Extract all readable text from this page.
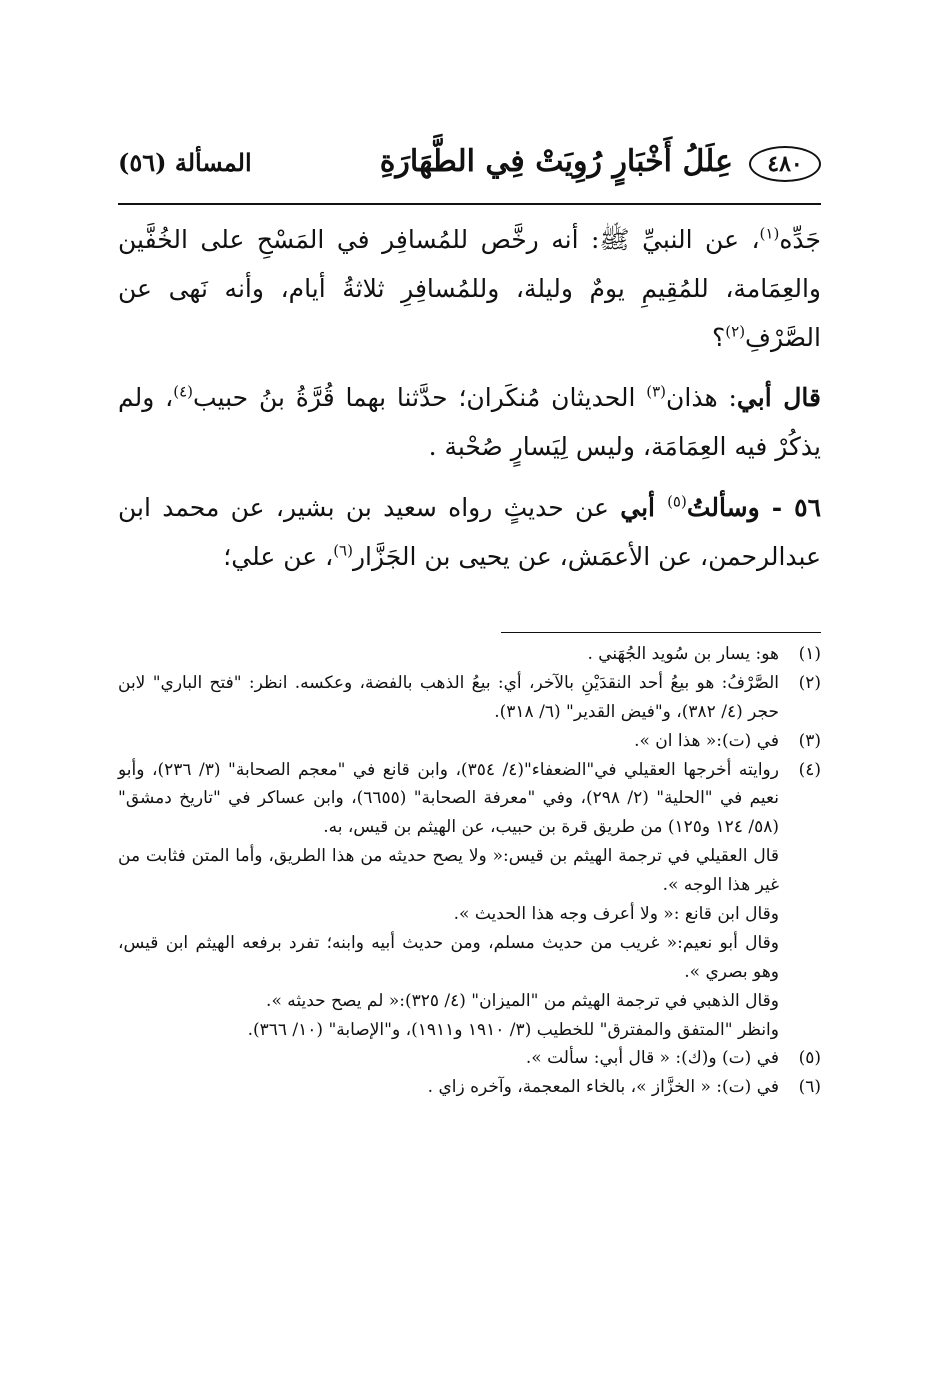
٤٨٠
عِلَلُ أَخْبَارٍ رُوِيَتْ فِي الطَّهَارَةِ
المسألة (٥٦)

جَدِّه$^{(١)}$، عن النبيِّ ﷺ: أنه رخَّص للمُسافِر في المَسْحِ على الخُفَّين والعِمَامة، للمُقِيمِ يومٌ وليلة، وللمُسافِرِ ثلاثةُ أيام، وأنه نَهى عن الصَّرْفِ$^{(٢)}$؟

قال أبي: هذان$^{(٣)}$ الحديثان مُنكَران؛ حدَّثنا بهما قُرَّةُ بنُ حبيب$^{(٤)}$، ولم يذكُرْ فيه العِمَامَة، وليس لِيَسارٍ صُحْبة .

٥٦ - وسألتُ$^{(٥)}$ أبي عن حديثٍ رواه سعيد بن بشير، عن محمد ابن عبدالرحمن، عن الأعمَش، عن يحيى بن الجَزَّار$^{(٦)}$، عن علي؛

(١)

هو: يسار بن سُويد الجُهَني .

(٢)

الصَّرْفُ: هو بيعُ أحد النقدَيْنِ بالآخر، أي: بيعُ الذهب بالفضة، وعكسه. انظر: "فتح الباري" لابن حجر (٤/ ٣٨٢)، و"فيض القدير" (٦/ ٣١٨).

(٣)

في (ت):« هذا ان ».

(٤)

روايته أخرجها العقيلي في"الضعفاء"(٤/ ٣٥٤)، وابن قانع في "معجم الصحابة" (٣/ ٢٣٦)، وأبو نعيم في "الحلية" (٢/ ٢٩٨)، وفي "معرفة الصحابة" (٦٦٥٥)، وابن عساكر في "تاريخ دمشق" (٥٨/ ١٢٤ و١٢٥) من طريق قرة بن حبيب، عن الهيثم بن قيس، به.

قال العقيلي في ترجمة الهيثم بن قيس:« ولا يصح حديثه من هذا الطريق، وأما المتن فثابت من غير هذا الوجه ».

وقال ابن قانع :« ولا أعرف وجه هذا الحديث ».

وقال أبو نعيم:« غريب من حديث مسلم، ومن حديث أبيه وابنه؛ تفرد برفعه الهيثم ابن قيس، وهو بصري ».

وقال الذهبي في ترجمة الهيثم من "الميزان" (٤/ ٣٢٥):« لم يصح حديثه ».

وانظر "المتفق والمفترق" للخطيب (٣/ ١٩١٠ و١٩١١)، و"الإصابة" (١٠/ ٣٦٦).

(٥)

في (ت) و(ك): « قال أبي: سألت ».

(٦)

في (ت): « الخزَّاز »، بالخاء المعجمة، وآخره زاي .
